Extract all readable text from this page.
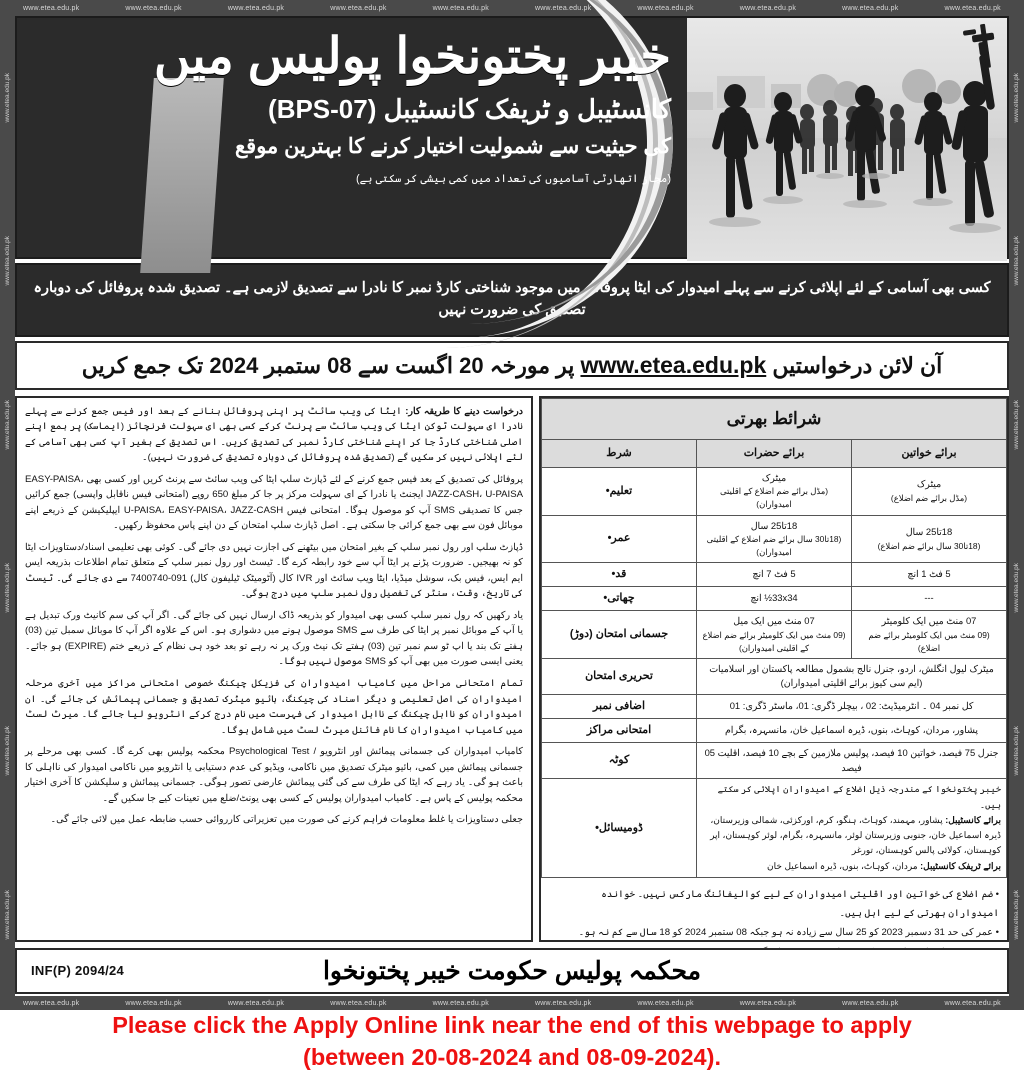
www.etea.edu.pk	www.etea.edu.pk	www.etea.edu.pk	www.etea.edu.pk	www.etea.edu.pk	www.etea.edu.pk	www.etea.edu.pk	www.etea.edu.pk	www.etea.edu.pk	www.etea.edu.pk
www.etea.edu.pk
www.etea.edu.pk
www.etea.edu.pk
www.etea.edu.pk
www.etea.edu.pk
www.etea.edu.pk
www.etea.edu.pk
www.etea.edu.pk
www.etea.edu.pk
www.etea.edu.pk
www.etea.edu.pk
www.etea.edu.pk
خیبر پختونخوا پولیس میں
کانسٹیبل و ٹریفک کانسٹیبل (BPS-07)
کی حیثیت سے شمولیت اختیار کرنے کا بہترین موقع
(مجاز اتھارٹی آسامیوں کی تعداد میں کمی بیشی کر سکتی ہے)
کسی بھی آسامی کے لئے اپلائی کرنے سے پہلے امیدوار کی ایٹا پروفائل میں موجود شناختی کارڈ نمبر کا نادرا سے تصدیق لازمی ہے۔ تصدیق شدہ پروفائل کی دوبارہ تصدیق کی ضرورت نہیں
آن لائن درخواستیں www.etea.edu.pk پر مورخہ 20 اگست سے 08 ستمبر 2024 تک جمع کریں

درخواست دینے کا طریقہ کار: ایٹا کی ویب سائٹ پر اپنی پروفائل بنانے کے بعد اور فیس جمع کرنے سے پہلے نادرا ای سہولت ٹوکن ایٹا کی ویب سائٹ سے پرنٹ کرکے کسی بھی ای سہولت فرنچائز (ایماسک) پر بمع اپنے اصلی شناختی کارڈ جا کر اپنے شناختی کارڈ نمبر کی تصدیق کریں۔ اس تصدیق کے بغیر آپ کسی بھی آسامی کے لئے اپلائی نہیں کر سکیں گے (تصدیق شدہ پروفائل کی دوبارہ تصدیق کی ضرورت نہیں)۔

پروفائل کی تصدیق کے بعد فیس جمع کرنے کے لئے ڈپازٹ سلپ ایٹا کی ویب سائٹ سے پرنٹ کریں اور کسی بھی EASY-PAISA، JAZZ-CASH، U-PAISA ایجنٹ یا نادرا کے ای سہولت مرکز پر جا کر مبلغ 650 روپے (امتحانی فیس ناقابل واپسی) جمع کرائیں جس کا تصدیقی SMS آپ کو موصول ہوگا۔ امتحانی فیس U-PAISA، EASY-PAISA، JAZZ-CASH ایپلیکیشن کے ذریعے اپنے موبائل فون سے بھی جمع کرائی جا سکتی ہے۔ اصل ڈپازٹ سلپ امتحان کے دن اپنے پاس محفوظ رکھیں۔

ڈپازٹ سلپ اور رول نمبر سلپ کے بغیر امتحان میں بیٹھنے کی اجازت نہیں دی جائے گی۔ کوئی بھی تعلیمی اسناد/دستاویزات ایٹا کو نہ بھیجیں۔ ضرورت پڑنے پر ایٹا آپ سے خود رابطہ کرے گا۔ ٹیسٹ اور رول نمبر سلپ کے متعلق تمام اطلاعات بذریعہ ایس ایم ایس، فیس بک، سوشل میڈیا، ایٹا ویب سائٹ اور IVR کال (آٹومیٹک ٹیلیفون کال) 091-7400740 سے دی جائے گی۔ ٹیسٹ کی تاریخ، وقت، سنٹر کی تفصیل رول نمبر سلپ میں درج ہوگی۔

یاد رکھیں کہ رول نمبر سلپ کسی بھی امیدوار کو بذریعہ ڈاک ارسال نہیں کی جائے گی۔ اگر آپ کی سم کانیٹ ورک تبدیل ہے یا آپ کے موبائل نمبر پر ایٹا کی طرف سے SMS موصول ہونے میں دشواری ہو۔ اس کے علاوہ اگر آپ کا موبائل سمبل تین (03) ہفتے تک بند یا اپ ٹو سم نمبر تین (03) ہفتے تک نیٹ ورک پر نہ رہے تو بعد خود ہی نظام کے ذریعے ختم (EXPIRE) ہو جائے۔ یعنی ایسی صورت میں بھی آپ کو SMS موصول نہیں ہوگا۔

تمام امتحانی مراحل میں کامیاب امیدواران کی فزیکل چیکنگ خصوصی امتحانی مراکز میں آخری مرحلہ امیدواران کی اصل تعلیمی و دیگر اسناد کی چیکنگ، بائیو میٹرک تصدیق و جسمانی پیمائش کی جائے گی۔ ان امیدواران کو نااہل چیکنگ کے نااہل امیدوار کی فہرست میں نام درج کرکے انٹرویو لیا جائے گا۔ میرٹ لسٹ میں کامیاب امیدواران کا نام فائنل میرٹ لسٹ میں شامل ہوگا۔

کامیاب امیدواران کی جسمانی پیمائش اور انٹرویو / Psychological Test محکمہ پولیس بھی کرے گا۔ کسی بھی مرحلے پر جسمانی پیمائش میں کمی، بائیو میٹرک تصدیق میں ناکامی، ویڈیو کی عدم دستیابی یا انٹرویو میں ناکامی امیدوار کی نااہلی کا باعث ہو گی۔ یاد رہے کہ ایٹا کی طرف سے کی گئی پیمائش عارضی تصور ہوگی۔ جسمانی پیمائش و سلیکشن کا آخری اختیار محکمہ پولیس کے پاس ہے۔ کامیاب امیدواران پولیس کے کسی بھی یونٹ/ضلع میں تعینات کیے جا سکیں گے۔

جعلی دستاویزات یا غلط معلومات فراہم کرنے کی صورت میں تعزیراتی کارروائی حسب ضابطہ عمل میں لائی جائے گی۔

شرائط بھرتی		
برائے خواتین	برائے حضرات	شرط
میٹرک
(مڈل برائے ضم اضلاع)	میٹرک
(مڈل برائے ضم اضلاع کے اقلیتی امیدواران)	تعلیم•
18تا25 سال
(18تا30 سال برائے ضم اضلاع)	18تا25 سال
(18تا30 سال برائے ضم اضلاع کے اقلیتی امیدواران)	عمر•
5 فٹ 1 انچ	5 فٹ 7 انچ	قد•
---	33x34½ انچ	چھاتی•
07 منٹ میں ایک کلومیٹر
(09 منٹ میں ایک کلومیٹر برائے ضم اضلاع)	07 منٹ میں ایک میل
(09 منٹ میں ایک کلومیٹر برائے ضم اضلاع کے اقلیتی امیدواران)	جسمانی امتحان (دوڑ)
میٹرک لیول انگلش، اردو، جنرل نالج بشمول مطالعہ پاکستان اور اسلامیات (ایم سی کیوز برائے اقلیتی امیدواران)		تحریری امتحان
کل نمبر 04 ۔ انٹرمیڈیٹ: 02 ، بیچلر ڈگری: 01، ماسٹر ڈگری: 01		اضافی نمبر
پشاور، مردان، کوہاٹ، بنوں، ڈیرہ اسماعیل خان، مانسہرہ، بگرام		امتحانی مراکز
جنرل 75 فیصد، خواتین 10 فیصد، پولیس ملازمین کے بچے 10 فیصد، اقلیت 05 فیصد		کوٹہ

خیبر پختونخوا کے مندرجہ ذیل اضلاع کے امیدواران اپلائی کر سکتے ہیں۔
برائے کانسٹیبل: پشاور، مہمند، کوہاٹ، ہنگو، کرم، اورکزئی، شمالی وزیرستان، ڈیرہ اسماعیل خان، جنوبی وزیرستان لوئر، مانسہرہ، بگرام، لوئر کوہستان، اپر کوہستان، کولائی پالس کوہستان، تورغر
برائے ٹریفک کانسٹیبل: مردان، کوہاٹ، بنوں، ڈیرہ اسماعیل خان		ڈومیسائل•
• ضم اضلاع کی خواتین اور اقلیتی امیدواران کے لیے کوالیفائنگ مارکس نہیں۔ خواندہ امیدواران بھرتی کے لیے اہل ہیں۔
• عمر کی حد 31 دسمبر 2023 کو 25 سال سے زیادہ نہ ہو جبکہ 08 ستمبر 2024 کو 18 سال سے کم نہ ہو۔
INF(P) 2094/24	محکمہ پولیس حکومت خیبر پختونخوا
www.etea.edu.pk	www.etea.edu.pk	www.etea.edu.pk	www.etea.edu.pk	www.etea.edu.pk	www.etea.edu.pk	www.etea.edu.pk	www.etea.edu.pk	www.etea.edu.pk	www.etea.edu.pk
Please click the Apply Online link near the end of this webpage to apply
(between 20-08-2024 and 08-09-2024).
